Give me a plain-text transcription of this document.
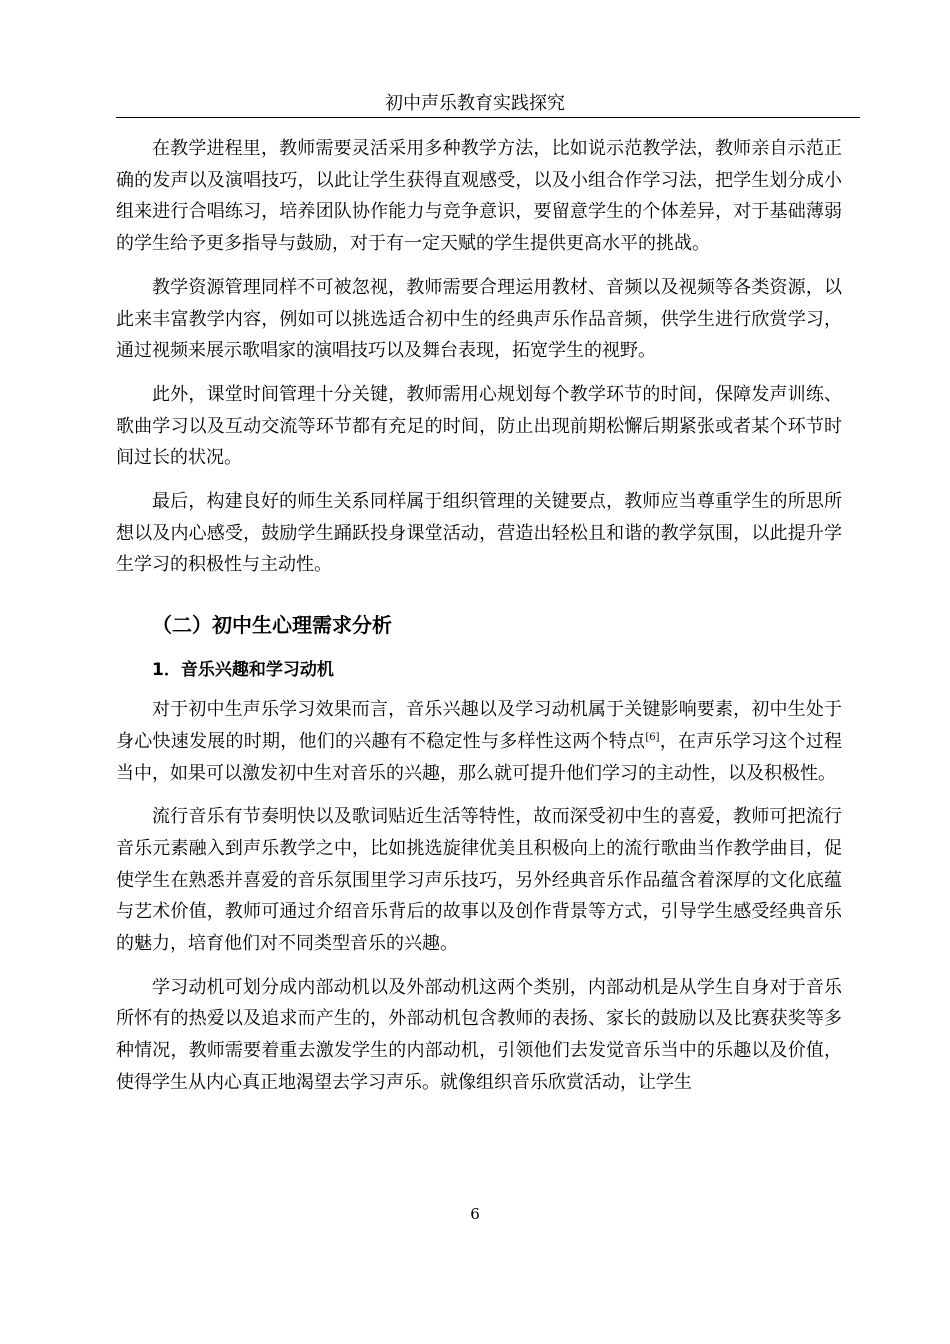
初中声乐教育实践探究

在教学进程里，教师需要灵活采用多种教学方法，比如说示范教学法，教师亲自示范正确的发声以及演唱技巧，以此让学生获得直观感受，以及小组合作学习法，把学生划分成小组来进行合唱练习，培养团队协作能力与竞争意识，要留意学生的个体差异，对于基础薄弱的学生给予更多指导与鼓励，对于有一定天赋的学生提供更高水平的挑战。

教学资源管理同样不可被忽视，教师需要合理运用教材、音频以及视频等各类资源，以此来丰富教学内容，例如可以挑选适合初中生的经典声乐作品音频，供学生进行欣赏学习，通过视频来展示歌唱家的演唱技巧以及舞台表现，拓宽学生的视野。

此外，课堂时间管理十分关键，教师需用心规划每个教学环节的时间，保障发声训练、歌曲学习以及互动交流等环节都有充足的时间，防止出现前期松懈后期紧张或者某个环节时间过长的状况。

最后，构建良好的师生关系同样属于组织管理的关键要点，教师应当尊重学生的所思所想以及内心感受，鼓励学生踊跃投身课堂活动，营造出轻松且和谐的教学氛围，以此提升学生学习的积极性与主动性。

（二）初中生心理需求分析
1．音乐兴趣和学习动机

对于初中生声乐学习效果而言，音乐兴趣以及学习动机属于关键影响要素，初中生处于身心快速发展的时期，他们的兴趣有不稳定性与多样性这两个特点[6]，在声乐学习这个过程当中，如果可以激发初中生对音乐的兴趣，那么就可提升他们学习的主动性，以及积极性。

流行音乐有节奏明快以及歌词贴近生活等特性，故而深受初中生的喜爱，教师可把流行音乐元素融入到声乐教学之中，比如挑选旋律优美且积极向上的流行歌曲当作教学曲目，促使学生在熟悉并喜爱的音乐氛围里学习声乐技巧，另外经典音乐作品蕴含着深厚的文化底蕴与艺术价值，教师可通过介绍音乐背后的故事以及创作背景等方式，引导学生感受经典音乐的魅力，培育他们对不同类型音乐的兴趣。

学习动机可划分成内部动机以及外部动机这两个类别，内部动机是从学生自身对于音乐所怀有的热爱以及追求而产生的，外部动机包含教师的表扬、家长的鼓励以及比赛获奖等多种情况，教师需要着重去激发学生的内部动机，引领他们去发觉音乐当中的乐趣以及价值，使得学生从内心真正地渴望去学习声乐。就像组织音乐欣赏活动，让学生

6
